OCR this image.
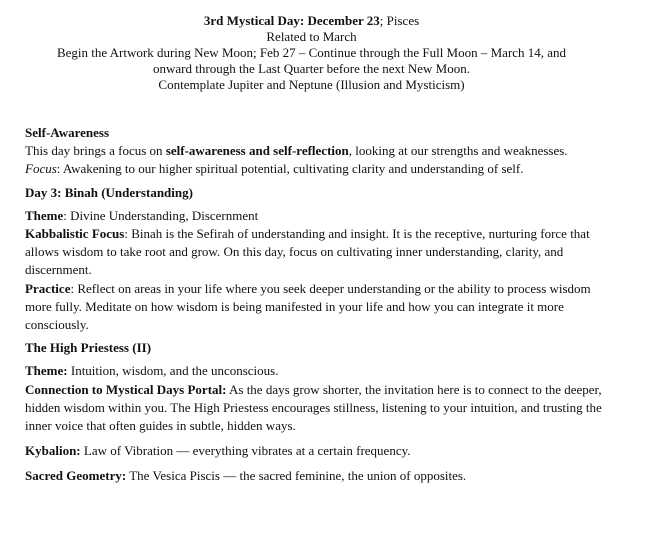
3rd Mystical Day: December 23; Pisces
Related to March
Begin the Artwork during New Moon; Feb 27 – Continue through the Full Moon – March 14, and
onward through the Last Quarter before the next New Moon.
Contemplate Jupiter and Neptune (Illusion and Mysticism)

Self-Awareness

This day brings a focus on self-awareness and self-reflection, looking at our strengths and weaknesses.

Focus: Awakening to our higher spiritual potential, cultivating clarity and understanding of self.

Day 3: Binah (Understanding)

Theme: Divine Understanding, Discernment

Kabbalistic Focus: Binah is the Sefirah of understanding and insight. It is the receptive, nurturing force that allows wisdom to take root and grow. On this day, focus on cultivating inner understanding, clarity, and discernment.

Practice: Reflect on areas in your life where you seek deeper understanding or the ability to process wisdom more fully. Meditate on how wisdom is being manifested in your life and how you can integrate it more consciously.

The High Priestess (II)

Theme: Intuition, wisdom, and the unconscious.

Connection to Mystical Days Portal: As the days grow shorter, the invitation here is to connect to the deeper, hidden wisdom within you. The High Priestess encourages stillness, listening to your intuition, and trusting the inner voice that often guides in subtle, hidden ways.

Kybalion: Law of Vibration — everything vibrates at a certain frequency.

Sacred Geometry: The Vesica Piscis — the sacred feminine, the union of opposites.
